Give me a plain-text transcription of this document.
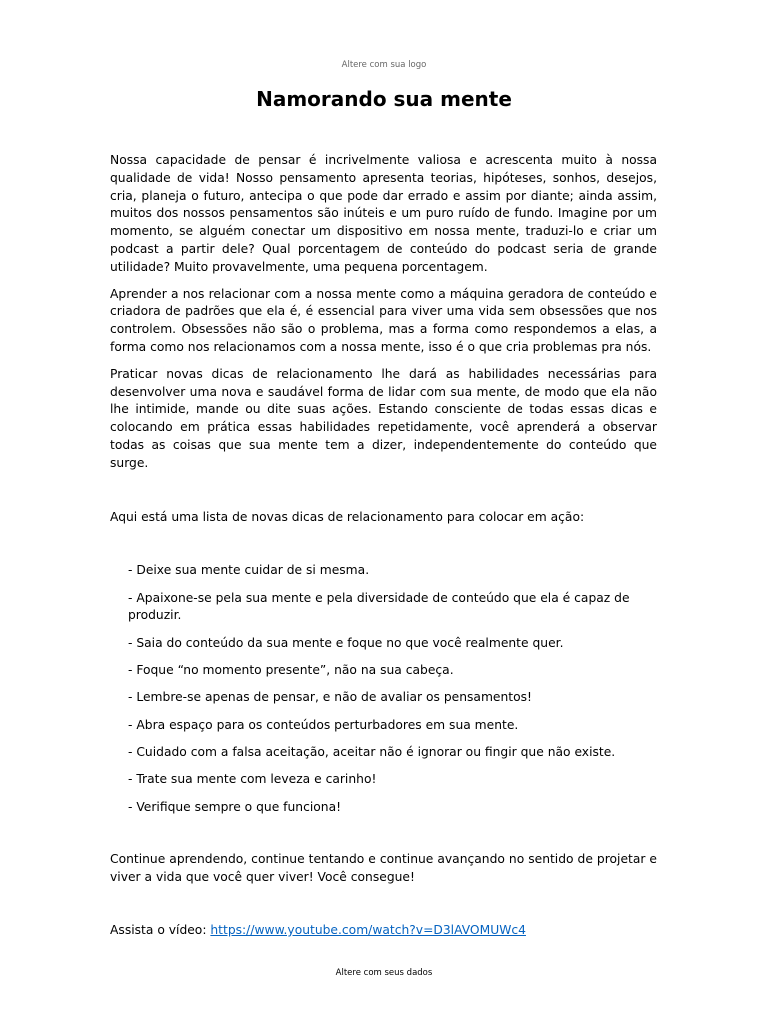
Altere com sua logo
Namorando sua mente

Nossa capacidade de pensar é incrivelmente valiosa e acrescenta muito à nossa qualidade de vida! Nosso pensamento apresenta teorias, hipóteses, sonhos, desejos, cria, planeja o futuro, antecipa o que pode dar errado e assim por diante; ainda assim, muitos dos nossos pensamentos são inúteis e um puro ruído de fundo. Imagine por um momento, se alguém conectar um dispositivo em nossa mente, traduzi-lo e criar um podcast a partir dele? Qual porcentagem de conteúdo do podcast seria de grande utilidade? Muito provavelmente, uma pequena porcentagem.

Aprender a nos relacionar com a nossa mente como a máquina geradora de conteúdo e criadora de padrões que ela é, é essencial para viver uma vida sem obsessões que nos controlem. Obsessões não são o problema, mas a forma como respondemos a elas, a forma como nos relacionamos com a nossa mente, isso é o que cria problemas pra nós.

Praticar novas dicas de relacionamento lhe dará as habilidades necessárias para desenvolver uma nova e saudável forma de lidar com sua mente, de modo que ela não lhe intimide, mande ou dite suas ações. Estando consciente de todas essas dicas e colocando em prática essas habilidades repetidamente, você aprenderá a observar todas as coisas que sua mente tem a dizer, independentemente do conteúdo que surge.

Aqui está uma lista de novas dicas de relacionamento para colocar em ação:

- Deixe sua mente cuidar de si mesma.
- Apaixone-se pela sua mente e pela diversidade de conteúdo que ela é capaz de produzir.
- Saia do conteúdo da sua mente e foque no que você realmente quer.
- Foque “no momento presente”, não na sua cabeça.
- Lembre-se apenas de pensar, e não de avaliar os pensamentos!
- Abra espaço para os conteúdos perturbadores em sua mente.
- Cuidado com a falsa aceitação, aceitar não é ignorar ou fingir que não existe.
- Trate sua mente com leveza e carinho!
- Verifique sempre o que funciona!

Continue aprendendo, continue tentando e continue avançando no sentido de projetar e viver a vida que você quer viver! Você consegue!

Assista o vídeo: https://www.youtube.com/watch?v=D3lAVOMUWc4

Altere com seus dados
